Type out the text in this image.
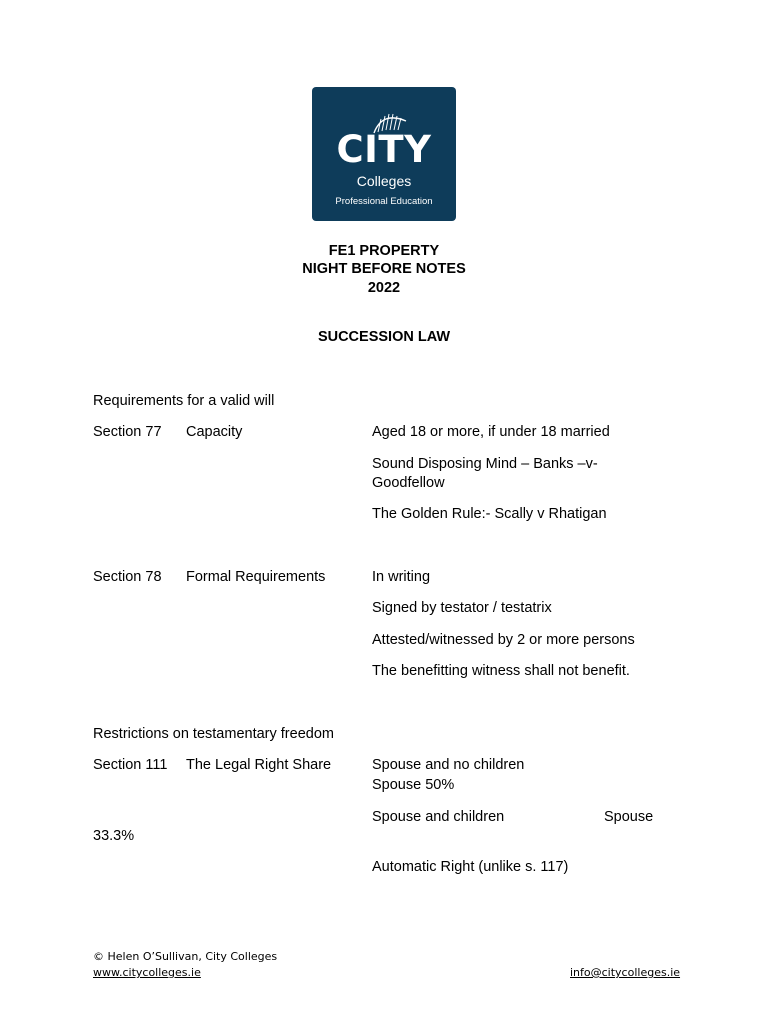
CITY
Colleges
Professional Education
FE1 PROPERTY
NIGHT BEFORE NOTES
2022
SUCCESSION LAW
Requirements for a valid will
Section 77 Capacity	Aged 18 or more, if under 18 married
Sound Disposing Mind – Banks –v- Goodfellow
The Golden Rule:- Scally v Rhatigan
Section 78 Formal Requirements	In writing
Signed by testator / testatrix
Attested/witnessed by 2 or more persons
The benefitting witness shall not benefit.
Restrictions on testamentary freedom
Section 111 The Legal Right Share	Spouse and no children
Spouse 50%
Spouse and children	Spouse
33.3%
Automatic Right (unlike s. 117)
© Helen O’Sullivan, City Colleges
www.citycolleges.ie	info@citycolleges.ie
